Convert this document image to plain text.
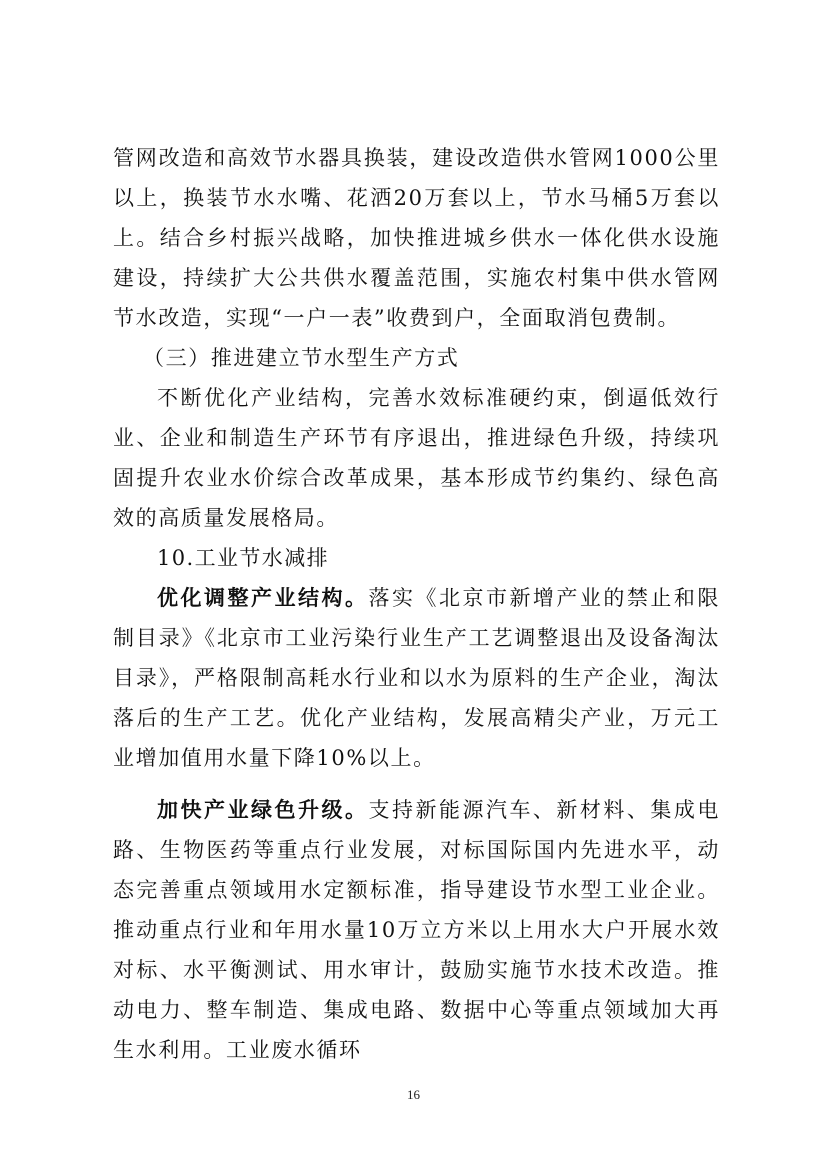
管网改造和高效节水器具换装，建设改造供水管网1000公里以上，换装节水水嘴、花洒20万套以上，节水马桶5万套以上。结合乡村振兴战略，加快推进城乡供水一体化供水设施建设，持续扩大公共供水覆盖范围，实施农村集中供水管网节水改造，实现“一户一表”收费到户，全面取消包费制。

（三）推进建立节水型生产方式

不断优化产业结构，完善水效标准硬约束，倒逼低效行业、企业和制造生产环节有序退出，推进绿色升级，持续巩固提升农业水价综合改革成果，基本形成节约集约、绿色高效的高质量发展格局。

10.工业节水减排

优化调整产业结构。落实《北京市新增产业的禁止和限制目录》《北京市工业污染行业生产工艺调整退出及设备淘汰目录》，严格限制高耗水行业和以水为原料的生产企业，淘汰落后的生产工艺。优化产业结构，发展高精尖产业，万元工业增加值用水量下降10%以上。

加快产业绿色升级。支持新能源汽车、新材料、集成电路、生物医药等重点行业发展，对标国际国内先进水平，动态完善重点领域用水定额标准，指导建设节水型工业企业。推动重点行业和年用水量10万立方米以上用水大户开展水效对标、水平衡测试、用水审计，鼓励实施节水技术改造。推动电力、整车制造、集成电路、数据中心等重点领域加大再生水利用。工业废水循环

16
